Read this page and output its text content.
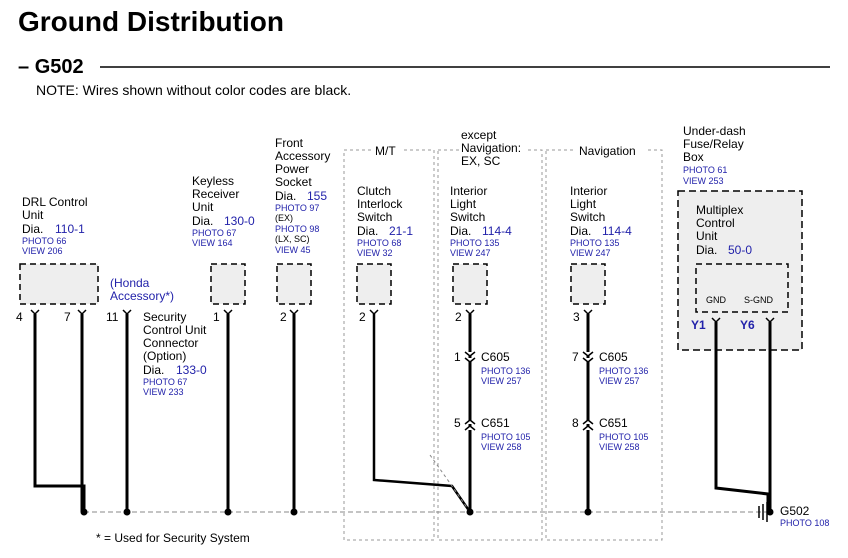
Ground Distribution
– G502
NOTE: Wires shown without color codes are black.
DRL Control
Unit
Dia. 110-1
PHOTO 66
VIEW 206
(Honda
Accessory*)
4	7	11 Security
Control Unit
Connector
(Option)
Dia. 133-0
PHOTO 67
VIEW 233
Keyless
Receiver
Unit
Dia. 130-0
PHOTO 67
VIEW 164
1
Front
Accessory
Power
Socket
Dia. 155
PHOTO 97
(EX)
PHOTO 98
(LX, SC)
VIEW 45
2
M/T
Clutch
Interlock
Switch
Dia. 21-1
PHOTO 68
VIEW 32
2
except
Navigation:
EX, SC
Interior
Light
Switch
Dia. 114-4
PHOTO 135
VIEW 247
2
1 C605
PHOTO 136
VIEW 257
5 C651
PHOTO 105
VIEW 258
Navigation
Interior
Light
Switch
Dia. 114-4
PHOTO 135
VIEW 247
3
7 C605
PHOTO 136
VIEW 257
8 C651
PHOTO 105
VIEW 258
Under-dash
Fuse/Relay
Box
PHOTO 61
VIEW 253
Multiplex
Control
Unit
Dia. 50-0
GND S-GND
Y1	Y6
G502
PHOTO 108
* = Used for Security System
